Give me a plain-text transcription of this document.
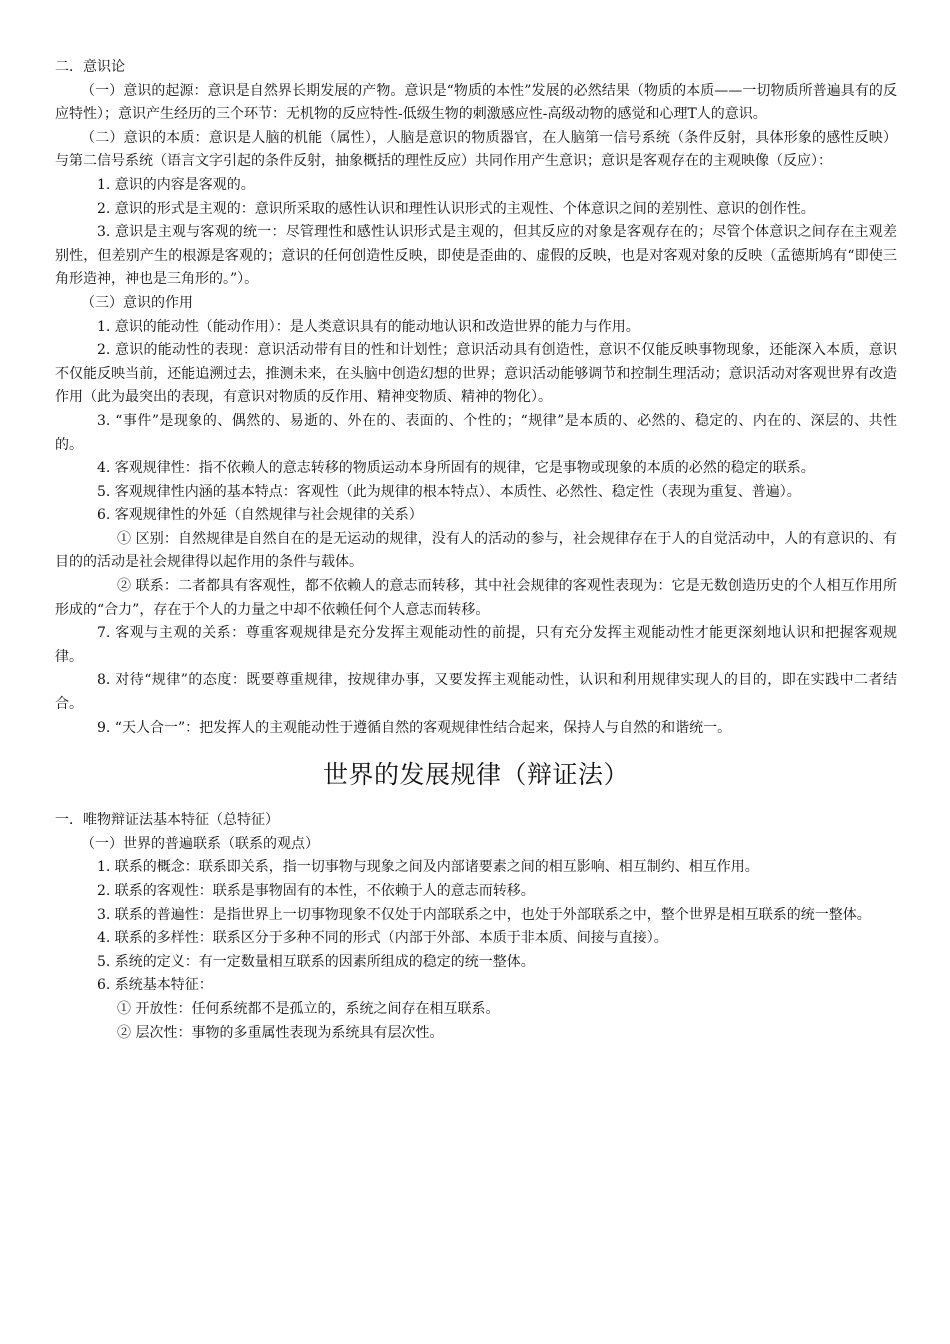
二．意识论

（一）意识的起源：意识是自然界长期发展的产物。意识是“物质的本性”发展的必然结果（物质的本质——一切物质所普遍具有的反应特性）；意识产生经历的三个环节：无机物的反应特性-低级生物的刺激感应性-高级动物的感觉和心理T人的意识。

（二）意识的本质：意识是人脑的机能（属性），人脑是意识的物质器官，在人脑第一信号系统（条件反射，具体形象的感性反映）与第二信号系统（语言文字引起的条件反射，抽象概括的理性反应）共同作用产生意识；意识是客观存在的主观映像（反应）：

1. 意识的内容是客观的。

2. 意识的形式是主观的：意识所采取的感性认识和理性认识形式的主观性、个体意识之间的差别性、意识的创作性。

3. 意识是主观与客观的统一：尽管理性和感性认识形式是主观的，但其反应的对象是客观存在的；尽管个体意识之间存在主观差别性，但差别产生的根源是客观的；意识的任何创造性反映，即使是歪曲的、虚假的反映，也是对客观对象的反映（孟德斯鸠有“即使三角形造神，神也是三角形的。”）。

（三）意识的作用

1. 意识的能动性（能动作用）：是人类意识具有的能动地认识和改造世界的能力与作用。

2. 意识的能动性的表现：意识活动带有目的性和计划性；意识活动具有创造性，意识不仅能反映事物现象，还能深入本质，意识不仅能反映当前，还能追溯过去，推测未来，在头脑中创造幻想的世界；意识活动能够调节和控制生理活动；意识活动对客观世界有改造作用（此为最突出的表现，有意识对物质的反作用、精神变物质、精神的物化）。

3. “事件”是现象的、偶然的、易逝的、外在的、表面的、个性的；“规律”是本质的、必然的、稳定的、内在的、深层的、共性的。

4. 客观规律性：指不依赖人的意志转移的物质运动本身所固有的规律，它是事物或现象的本质的必然的稳定的联系。

5. 客观规律性内涵的基本特点：客观性（此为规律的根本特点）、本质性、必然性、稳定性（表现为重复、普遍）。

6. 客观规律性的外延（自然规律与社会规律的关系）

① 区别：自然规律是自然自在的是无运动的规律，没有人的活动的参与，社会规律存在于人的自觉活动中，人的有意识的、有目的的活动是社会规律得以起作用的条件与载体。

② 联系：二者都具有客观性，都不依赖人的意志而转移，其中社会规律的客观性表现为：它是无数创造历史的个人相互作用所形成的“合力”，存在于个人的力量之中却不依赖任何个人意志而转移。

7. 客观与主观的关系：尊重客观规律是充分发挥主观能动性的前提，只有充分发挥主观能动性才能更深刻地认识和把握客观规律。

8. 对待“规律”的态度：既要尊重规律，按规律办事，又要发挥主观能动性，认识和利用规律实现人的目的，即在实践中二者结合。

9. “天人合一”：把发挥人的主观能动性于遵循自然的客观规律性结合起来，保持人与自然的和谐统一。

世界的发展规律（辩证法）

一．唯物辩证法基本特征（总特征）

（一）世界的普遍联系（联系的观点）

1. 联系的概念：联系即关系，指一切事物与现象之间及内部诸要素之间的相互影响、相互制约、相互作用。

2. 联系的客观性：联系是事物固有的本性，不依赖于人的意志而转移。

3. 联系的普遍性：是指世界上一切事物现象不仅处于内部联系之中，也处于外部联系之中，整个世界是相互联系的统一整体。

4. 联系的多样性：联系区分于多种不同的形式（内部于外部、本质于非本质、间接与直接）。

5. 系统的定义：有一定数量相互联系的因素所组成的稳定的统一整体。

6. 系统基本特征：

① 开放性：任何系统都不是孤立的，系统之间存在相互联系。

② 层次性：事物的多重属性表现为系统具有层次性。
